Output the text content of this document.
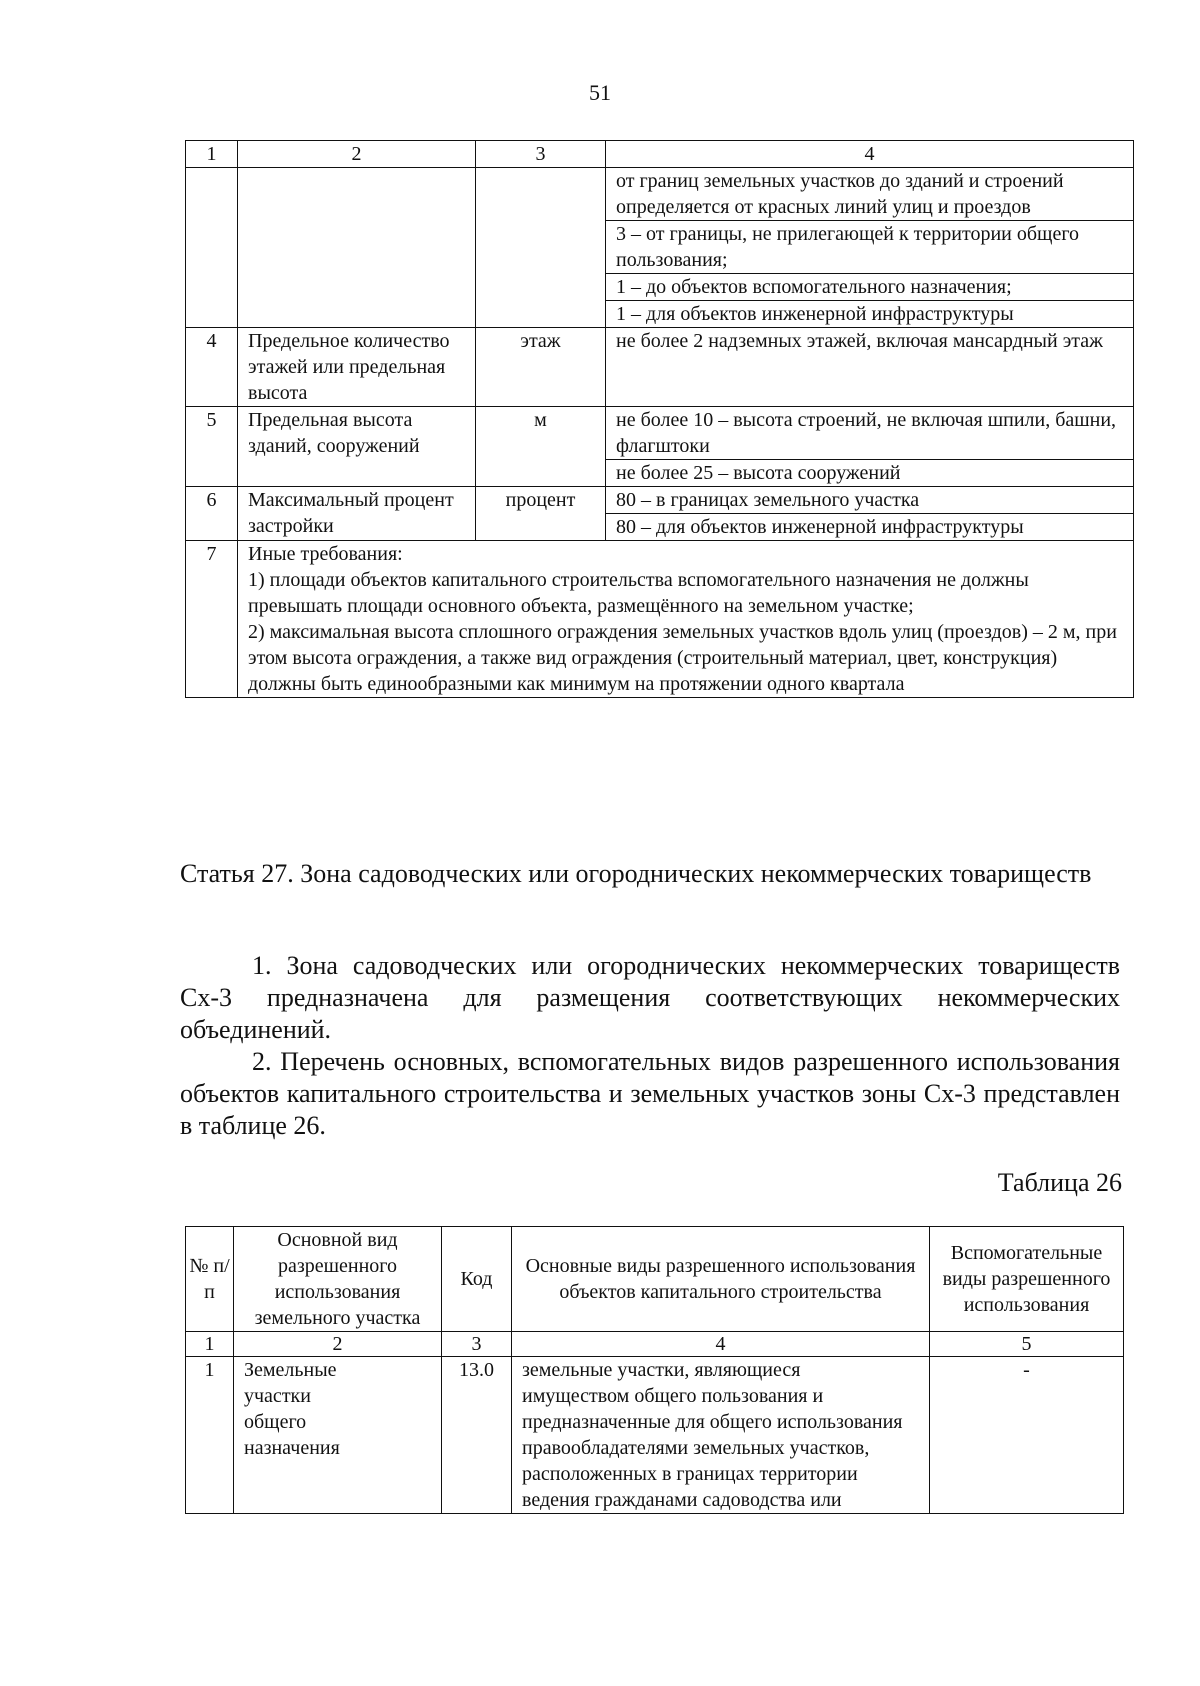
51
1	2	3	4
			от границ земельных участков до зданий и строений определяется от красных линий улиц и проездов
			3 – от границы, не прилегающей к территории общего пользования;
			1 – до объектов вспомогательного назначения;
			1 – для объектов инженерной инфраструктуры
4	Предельное количество этажей или предельная высота	этаж	не более 2 надземных этажей, включая мансардный этаж
5	Предельная высота зданий, сооружений	м	не более 10 – высота строений, не включая шпили, башни, флагштоки
			не более 25 – высота сооружений
6	Максимальный процент застройки	процент	80 – в границах земельного участка
			80 – для объектов инженерной инфраструктуры
7	Иные требования:
1) площади объектов капитального строительства вспомогательного назначения не должны превышать площади основного объекта, размещённого на земельном участке;
2) максимальная высота сплошного ограждения земельных участков вдоль улиц (проездов) – 2 м, при этом высота ограждения, а также вид ограждения (строительный материал, цвет, конструкция) должны быть единообразными как минимум на протяжении одного квартала		
Статья 27. Зона садоводческих или огороднических некоммерческих товариществ
1. Зона садоводческих или огороднических некоммерческих товариществ Сх-3 предназначена для размещения соответствующих некоммерческих объединений.
2. Перечень основных, вспомогательных видов разрешенного использования объектов капитального строительства и земельных участков зоны Сх-3 представлен в таблице 26.
Таблица 26
№ п/п	Основной вид разрешенного использования земельного участка	Код	Основные виды разрешенного использования объектов капитального строительства	Вспомогательные виды разрешенного использования
1	2	3	4	5
1	Земельные участки общего назначения	13.0	земельные участки, являющиеся имуществом общего пользования и предназначенные для общего использования правообладателями земельных участков, расположенных в границах территории ведения гражданами садоводства или	-
